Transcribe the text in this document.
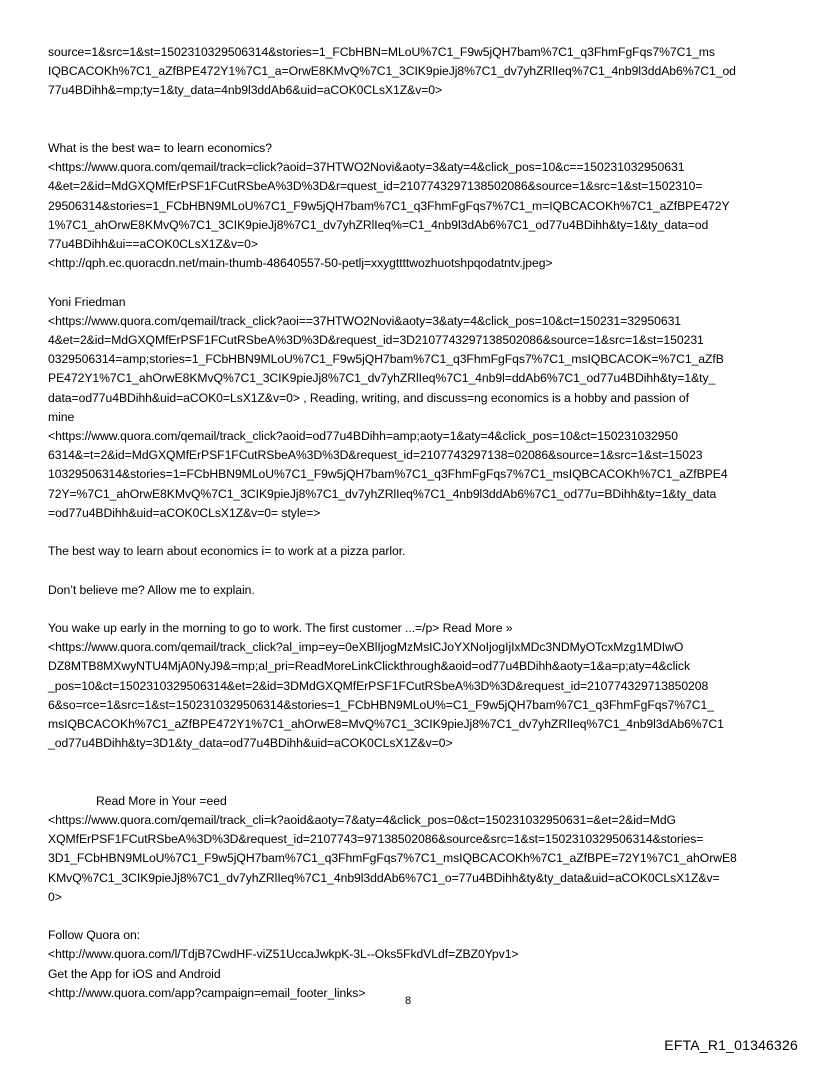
source=1&src=1&st=1502310329506314&stories=1_FCbHBN=MLoU%7C1_F9w5jQH7bam%7C1_q3FhmFgFqs7%7C1_ms
IQBCACOKh%7C1_aZfBPE472Y1%7C1_a=OrwE8KMvQ%7C1_3CIK9pieJj8%7C1_dv7yhZRlIeq%7C1_4nb9l3ddAb6%7C1_od
77u4BDihh&=mp;ty=1&ty_data=4nb9l3ddAb6&uid=aCOK0CLsX1Z&v=0>

What is the best wa= to learn economics?

<https://www.quora.com/qemail/track=click?aoid=37HTWO2Novi&aoty=3&aty=4&click_pos=10&c==150231032950631
4&et=2&id=MdGXQMfErPSF1FCutRSbeA%3D%3D&r=quest_id=2107743297138502086&source=1&src=1&st=1502310=
29506314&stories=1_FCbHBN9MLoU%7C1_F9w5jQH7bam%7C1_q3FhmFgFqs7%7C1_m=IQBCACOKh%7C1_aZfBPE472Y
1%7C1_ahOrwE8KMvQ%7C1_3CIK9pieJj8%7C1_dv7yhZRlIeq%=C1_4nb9l3dAb6%7C1_od77u4BDihh&ty=1&ty_data=od
77u4BDihh&ui==aCOK0CLsX1Z&v=0>

<http://qph.ec.quoracdn.net/main-thumb-48640557-50-petlj=xxygttttwozhuotshpqodatntv.jpeg>

Yoni Friedman

<https://www.quora.com/qemail/track_click?aoi==37HTWO2Novi&aoty=3&aty=4&click_pos=10&ct=150231=32950631
4&et=2&id=MdGXQMfErPSF1FCutRSbeA%3D%3D&request_id=3D2107743297138502086&source=1&src=1&st=150231
0329506314=amp;stories=1_FCbHBN9MLoU%7C1_F9w5jQH7bam%7C1_q3FhmFgFqs7%7C1_msIQBCACOK=%7C1_aZfB
PE472Y1%7C1_ahOrwE8KMvQ%7C1_3CIK9pieJj8%7C1_dv7yhZRlIeq%7C1_4nb9l=ddAb6%7C1_od77u4BDihh&ty=1&ty_
data=od77u4BDihh&uid=aCOK0=LsX1Z&v=0> , Reading, writing, and discuss=ng economics is a hobby and passion of
mine

<https://www.quora.com/qemail/track_click?aoid=od77u4BDihh=amp;aoty=1&aty=4&click_pos=10&ct=150231032950
6314&=t=2&id=MdGXQMfErPSF1FCutRSbeA%3D%3D&request_id=2107743297138=02086&source=1&src=1&st=15023
10329506314&stories=1=FCbHBN9MLoU%7C1_F9w5jQH7bam%7C1_q3FhmFgFqs7%7C1_msIQBCACOKh%7C1_aZfBPE4
72Y=%7C1_ahOrwE8KMvQ%7C1_3CIK9pieJj8%7C1_dv7yhZRlIeq%7C1_4nb9l3ddAb6%7C1_od77u=BDihh&ty=1&ty_data
=od77u4BDihh&uid=aCOK0CLsX1Z&v=0= style=>

The best way to learn about economics i= to work at a pizza parlor.

Don’t believe me? Allow me to explain.

You wake up early in the morning to go to work. The first customer ...=/p> Read More »

<https://www.quora.com/qemail/track_click?al_imp=ey=0eXBlIjogMzMsICJoYXNoIjogIjIxMDc3NDMyOTcxMzg1MDIwO
DZ8MTB8MXwyNTU4MjA0NyJ9&=mp;al_pri=ReadMoreLinkClickthrough&aoid=od77u4BDihh&aoty=1&a=p;aty=4&click
_pos=10&ct=1502310329506314&et=2&id=3DMdGXQMfErPSF1FCutRSbeA%3D%3D&request_id=210774329713850208
6&so=rce=1&src=1&st=1502310329506314&stories=1_FCbHBN9MLoU%=C1_F9w5jQH7bam%7C1_q3FhmFgFqs7%7C1_
msIQBCACOKh%7C1_aZfBPE472Y1%7C1_ahOrwE8=MvQ%7C1_3CIK9pieJj8%7C1_dv7yhZRlIeq%7C1_4nb9l3dAb6%7C1
_od77u4BDihh&ty=3D1&ty_data=od77u4BDihh&uid=aCOK0CLsX1Z&v=0>

Read More in Your =eed

<https://www.quora.com/qemail/track_cli=k?aoid&aoty=7&aty=4&click_pos=0&ct=150231032950631=&et=2&id=MdG
XQMfErPSF1FCutRSbeA%3D%3D&request_id=2107743=97138502086&source&src=1&st=1502310329506314&stories=
3D1_FCbHBN9MLoU%7C1_F9w5jQH7bam%7C1_q3FhmFgFqs7%7C1_msIQBCACOKh%7C1_aZfBPE=72Y1%7C1_ahOrwE8
KMvQ%7C1_3CIK9pieJj8%7C1_dv7yhZRlIeq%7C1_4nb9l3ddAb6%7C1_o=77u4BDihh&ty&ty_data&uid=aCOK0CLsX1Z&v=
0>

Follow Quora on:

<http://www.quora.com/l/TdjB7CwdHF-viZ51UccaJwkpK-3L--Oks5FkdVLdf=ZBZ0Ypv1>

Get the App for iOS and Android

<http://www.quora.com/app?campaign=email_footer_links>

8
EFTA_R1_01346326
